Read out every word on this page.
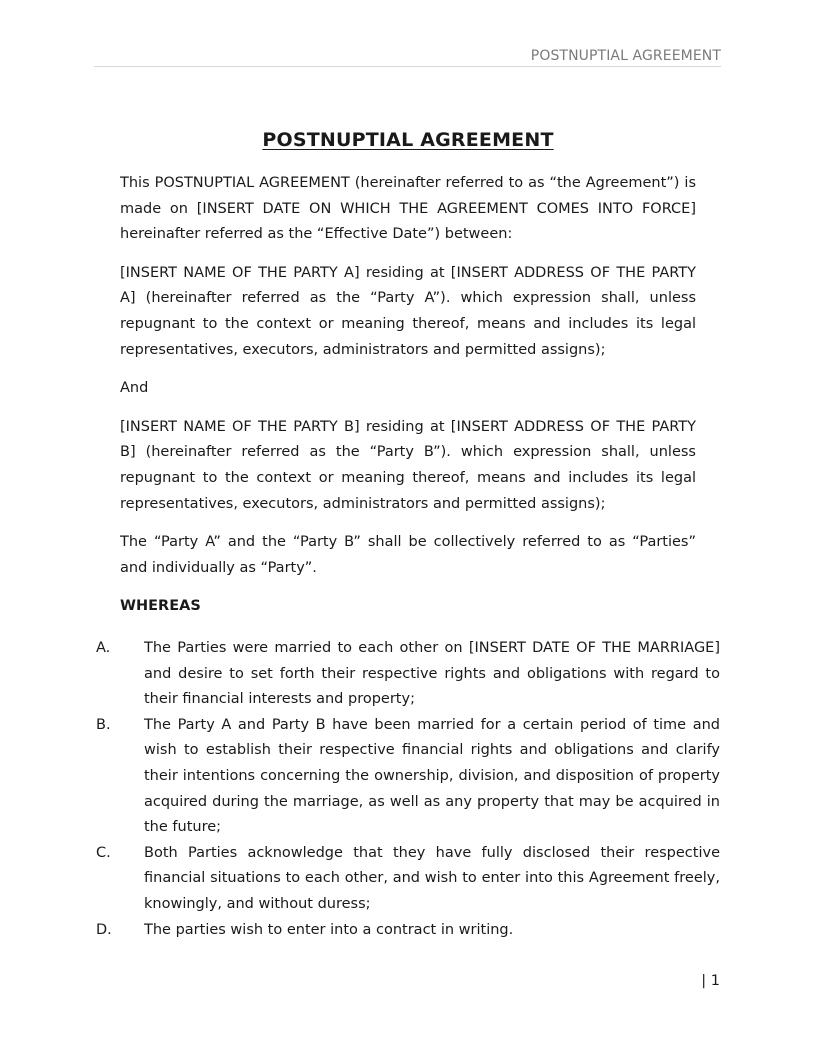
POSTNUPTIAL AGREEMENT
POSTNUPTIAL AGREEMENT

This POSTNUPTIAL AGREEMENT (hereinafter referred to as “the Agreement”) is made on [INSERT DATE ON WHICH THE AGREEMENT COMES INTO FORCE] hereinafter referred as the “Effective Date”) between:

[INSERT NAME OF THE PARTY A] residing at [INSERT ADDRESS OF THE PARTY A] (hereinafter referred as the “Party A”). which expression shall, unless repugnant to the context or meaning thereof, means and includes its legal representatives, executors, administrators and permitted assigns);

And

[INSERT NAME OF THE PARTY B] residing at [INSERT ADDRESS OF THE PARTY B] (hereinafter referred as the “Party B”). which expression shall, unless repugnant to the context or meaning thereof, means and includes its legal representatives, executors, administrators and permitted assigns);

The “Party A” and the “Party B” shall be collectively referred to as “Parties” and individually as “Party”.

WHEREAS

A.	The Parties were married to each other on [INSERT DATE OF THE MARRIAGE] and desire to set forth their respective rights and obligations with regard to their financial interests and property;
B.	The Party A and Party B have been married for a certain period of time and wish to establish their respective financial rights and obligations and clarify their intentions concerning the ownership, division, and disposition of property acquired during the marriage, as well as any property that may be acquired in the future;
C.	Both Parties acknowledge that they have fully disclosed their respective financial situations to each other, and wish to enter into this Agreement freely, knowingly, and without duress;
D.	The parties wish to enter into a contract in writing.
| 1
